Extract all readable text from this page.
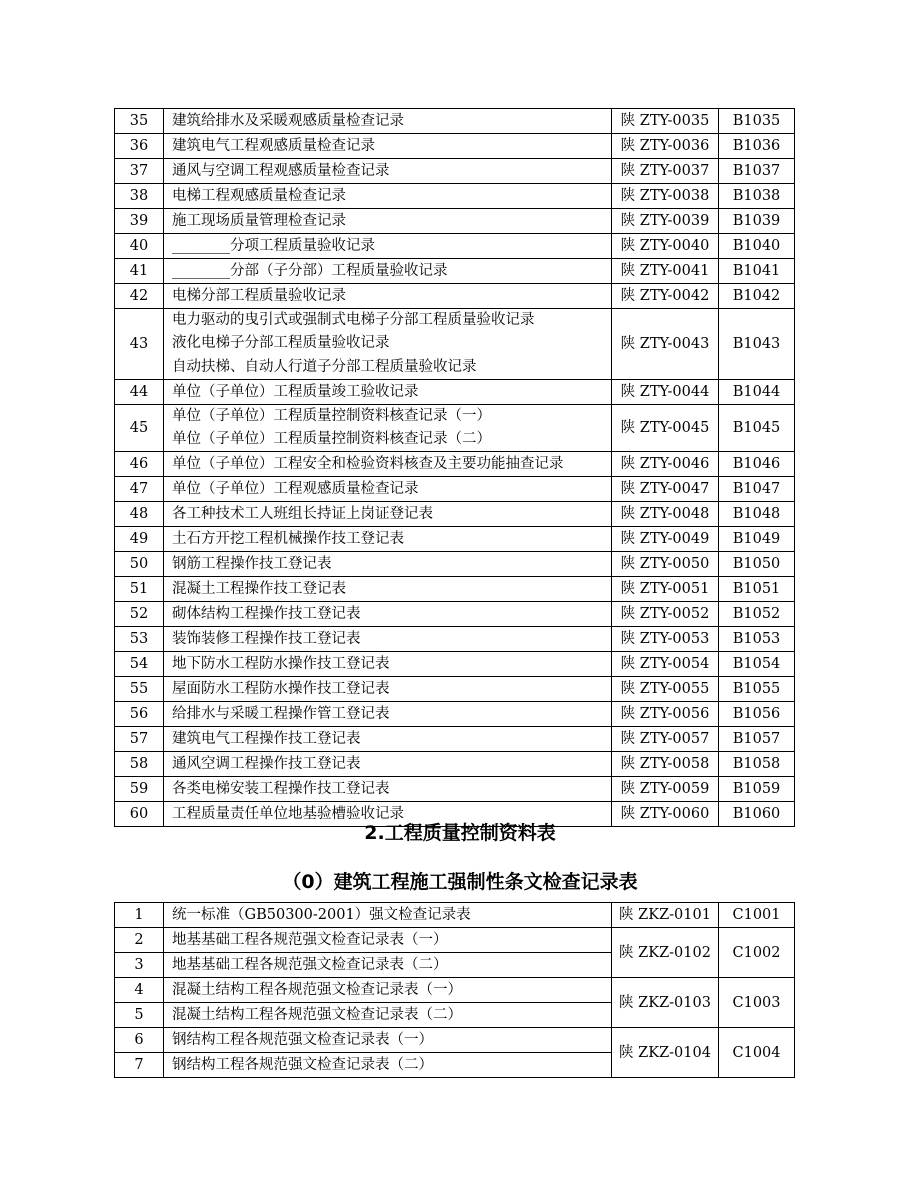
35	建筑给排水及采暖观感质量检查记录	陕 ZTY-0035	B1035
36	建筑电气工程观感质量检查记录	陕 ZTY-0036	B1036
37	通风与空调工程观感质量检查记录	陕 ZTY-0037	B1037
38	电梯工程观感质量检查记录	陕 ZTY-0038	B1038
39	施工现场质量管理检查记录	陕 ZTY-0039	B1039
40	________分项工程质量验收记录	陕 ZTY-0040	B1040
41	________分部（子分部）工程质量验收记录	陕 ZTY-0041	B1041
42	电梯分部工程质量验收记录	陕 ZTY-0042	B1042
43	电力驱动的曳引式或强制式电梯子分部工程质量验收记录
液化电梯子分部工程质量验收记录
自动扶梯、自动人行道子分部工程质量验收记录	陕 ZTY-0043	B1043
44	单位（子单位）工程质量竣工验收记录	陕 ZTY-0044	B1044
45	单位（子单位）工程质量控制资料核查记录（一）
单位（子单位）工程质量控制资料核查记录（二）	陕 ZTY-0045	B1045
46	单位（子单位）工程安全和检验资料核查及主要功能抽查记录	陕 ZTY-0046	B1046
47	单位（子单位）工程观感质量检查记录	陕 ZTY-0047	B1047
48	各工种技术工人班组长持证上岗证登记表	陕 ZTY-0048	B1048
49	土石方开挖工程机械操作技工登记表	陕 ZTY-0049	B1049
50	钢筋工程操作技工登记表	陕 ZTY-0050	B1050
51	混凝土工程操作技工登记表	陕 ZTY-0051	B1051
52	砌体结构工程操作技工登记表	陕 ZTY-0052	B1052
53	装饰装修工程操作技工登记表	陕 ZTY-0053	B1053
54	地下防水工程防水操作技工登记表	陕 ZTY-0054	B1054
55	屋面防水工程防水操作技工登记表	陕 ZTY-0055	B1055
56	给排水与采暖工程操作管工登记表	陕 ZTY-0056	B1056
57	建筑电气工程操作技工登记表	陕 ZTY-0057	B1057
58	通风空调工程操作技工登记表	陕 ZTY-0058	B1058
59	各类电梯安装工程操作技工登记表	陕 ZTY-0059	B1059
60	工程质量责任单位地基验槽验收记录	陕 ZTY-0060	B1060
2.工程质量控制资料表
（0）建筑工程施工强制性条文检查记录表
1	统一标准（GB50300-2001）强文检查记录表	陕 ZKZ-0101	C1001
2	地基基础工程各规范强文检查记录表（一）	陕 ZKZ-0102	C1002
3	地基基础工程各规范强文检查记录表（二）		
4	混凝土结构工程各规范强文检查记录表（一）	陕 ZKZ-0103	C1003
5	混凝土结构工程各规范强文检查记录表（二）		
6	钢结构工程各规范强文检查记录表（一）	陕 ZKZ-0104	C1004
7	钢结构工程各规范强文检查记录表（二）		
